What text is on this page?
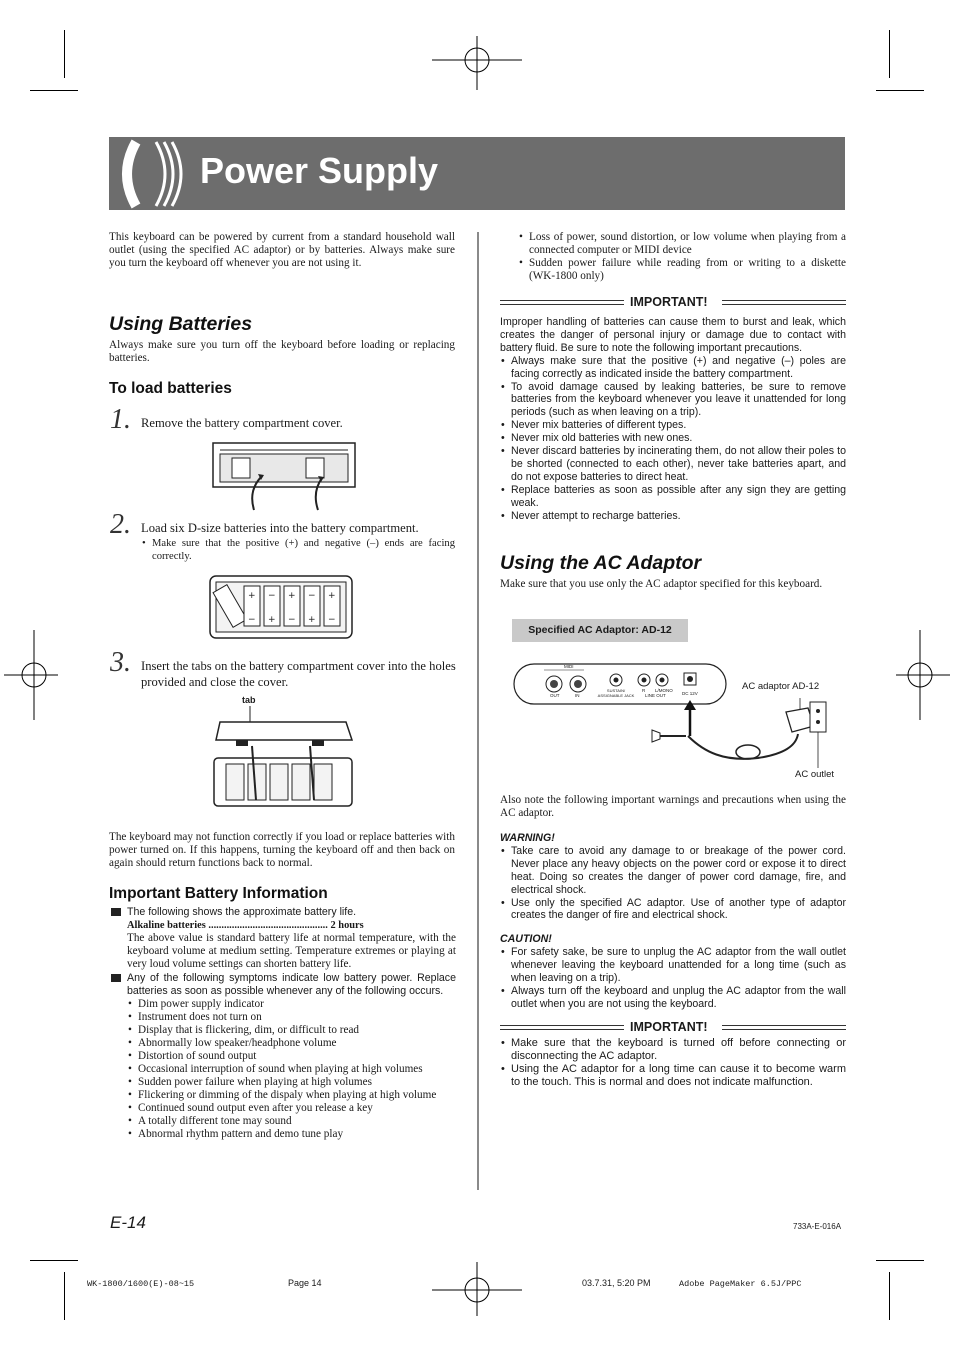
Power Supply
This keyboard can be powered by current from a standard household wall outlet (using the specified AC adaptor) or by batteries. Always make sure you turn the keyboard off whenever you are not using it.
Using Batteries
Always make sure you turn off the keyboard before loading or replacing batteries.
To load batteries
1. Remove the battery compartment cover.
2. Load six D-size batteries into the battery compartment.
• Make sure that the positive (+) and negative (–) ends are facing correctly.
+ − + − +
− + − + −
3. Insert the tabs on the battery compartment cover into the holes provided and close the cover.
tab
The keyboard may not function correctly if you load or replace batteries with power turned on. If this happens, turning the keyboard off and then back on again should return functions back to normal.
Important Battery Information
The following shows the approximate battery life.
Alkaline batteries .............................................. 2 hours
The above value is standard battery life at normal temperature, with the keyboard volume at medium setting. Temperature extremes or playing at very loud volume settings can shorten battery life.
Any of the following symptoms indicate low battery power. Replace batteries as soon as possible whenever any of the following occurs.
• Dim power supply indicator
• Instrument does not turn on
• Display that is flickering, dim, or difficult to read
• Abnormally low speaker/headphone volume
• Distortion of sound output
• Occasional interruption of sound when playing at high volumes
• Sudden power failure when playing at high volumes
• Flickering or dimming of the dispaly when playing at high volume
• Continued sound output even after you release a key
• A totally different tone may sound
• Abnormal rhythm pattern and demo tune play
• Loss of power, sound distortion, or low volume when playing from a connected computer or MIDI device
• Sudden power failure while reading from or writing to a diskette (WK-1800 only)
IMPORTANT!
Improper handling of batteries can cause them to burst and leak, which creates the danger of personal injury or damage due to contact with battery fluid. Be sure to note the following important precautions.
• Always make sure that the positive (+) and negative (–) poles are facing correctly as indicated inside the battery compartment.
• To avoid damage caused by leaking batteries, be sure to remove batteries from the keyboard whenever you leave it unattended for long periods (such as when leaving on a trip).
• Never mix batteries of different types.
• Never mix old batteries with new ones.
• Never discard batteries by incinerating them, do not allow their poles to be shorted (connected to each other), never take batteries apart, and do not expose batteries to direct heat.
• Replace batteries as soon as possible after any sign they are getting weak.
• Never attempt to recharge batteries.
Using the AC Adaptor
Make sure that you use only the AC adaptor specified for this keyboard.
Specified AC Adaptor: AD-12
MIDI
OUT	IN
SUSTAIN/ ASSIGNABLE JACK
R L/MONO
LINE OUT	DC 12V
AC adaptor AD-12
AC outlet
Also note the following important warnings and precautions when using the AC adaptor.
WARNING!
• Take care to avoid any damage to or breakage of the power cord. Never place any heavy objects on the power cord or expose it to direct heat. Doing so creates the danger of power cord damage, fire, and electrical shock.
• Use only the specified AC adaptor. Use of another type of adaptor creates the danger of fire and electrical shock.
CAUTION!
• For safety sake, be sure to unplug the AC adaptor from the wall outlet whenever leaving the keyboard unattended for a long time (such as when leaving on a trip).
• Always turn off the keyboard and unplug the AC adaptor from the wall outlet when you are not using the keyboard.
IMPORTANT!
• Make sure that the keyboard is turned off before connecting or disconnecting the AC adaptor.
• Using the AC adaptor for a long time can cause it to become warm to the touch. This is normal and does not indicate malfunction.
E-14	733A-E-016A
WK-1800/1600(E)-08~15	Page 14	03.7.31, 5:20 PM	Adobe PageMaker 6.5J/PPC
